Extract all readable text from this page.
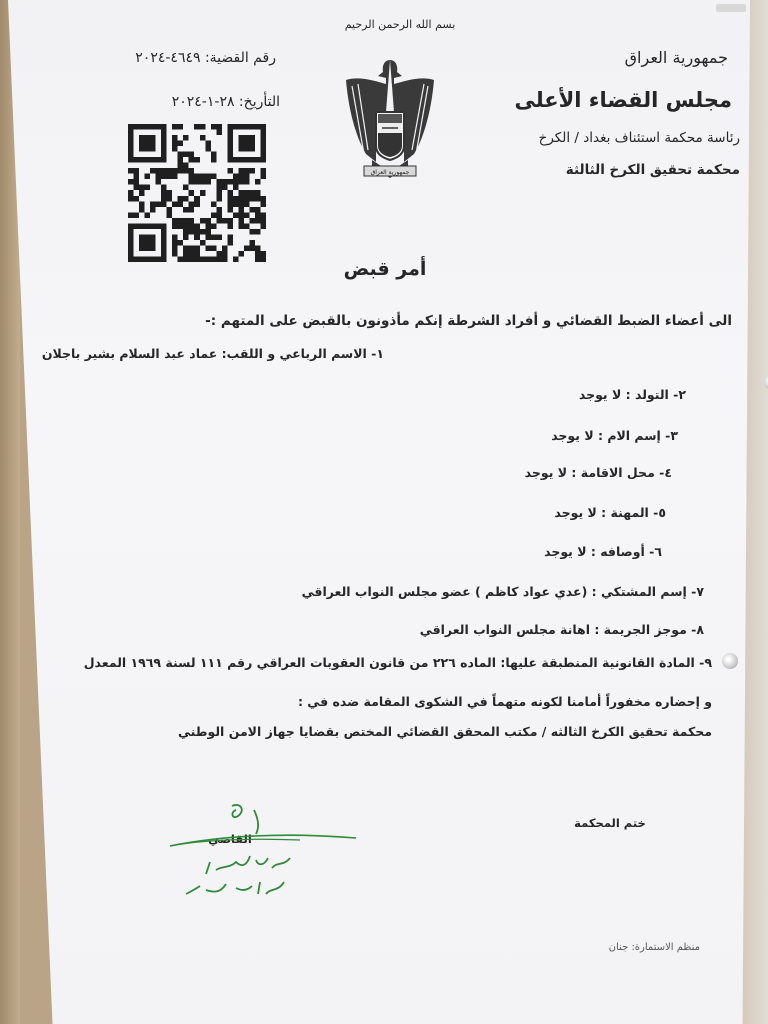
بسم الله الرحمن الرحيم
جمهورية العراق
مجلس القضاء الأعلى
رئاسة محكمة استئناف بغداد / الكرخ
محكمة تحقيق الكرخ الثالثة
رقم القضية: ٤٦٤٩-٢٠٢٤
التأريخ: ٢٨-١-٢٠٢٤
جمهورية العراق
أمر قبض
الى أعضاء الضبط القضائي و أفراد الشرطة إنكم مأذونون بالقبض على المتهم :-
١- الاسم الرباعي و اللقب: عماد عبد السلام بشير باجلان
٢- التولد : لا يوجد
٣- إسم الام : لا يوجد
٤- محل الاقامة : لا يوجد
٥- المهنة : لا يوجد
٦- أوصافه : لا يوجد
٧- إسم المشتكي : (عدي عواد كاظم ) عضو مجلس النواب العراقي
٨- موجز الجريمة : اهانة مجلس النواب العراقي
٩- المادة القانونية المنطبقة عليها: الماده ٢٢٦ من قانون العقوبات العراقي رقم ١١١ لسنة ١٩٦٩ المعدل
و إحضاره مخفوراً أمامنا لكونه متهماً في الشكوى المقامة ضده في :
محكمة تحقيق الكرخ الثالثه / مكتب المحقق القضائي المختص بقضايا جهاز الامن الوطني
ختم المحكمة
القاضي
منظم الاستمارة: جنان
